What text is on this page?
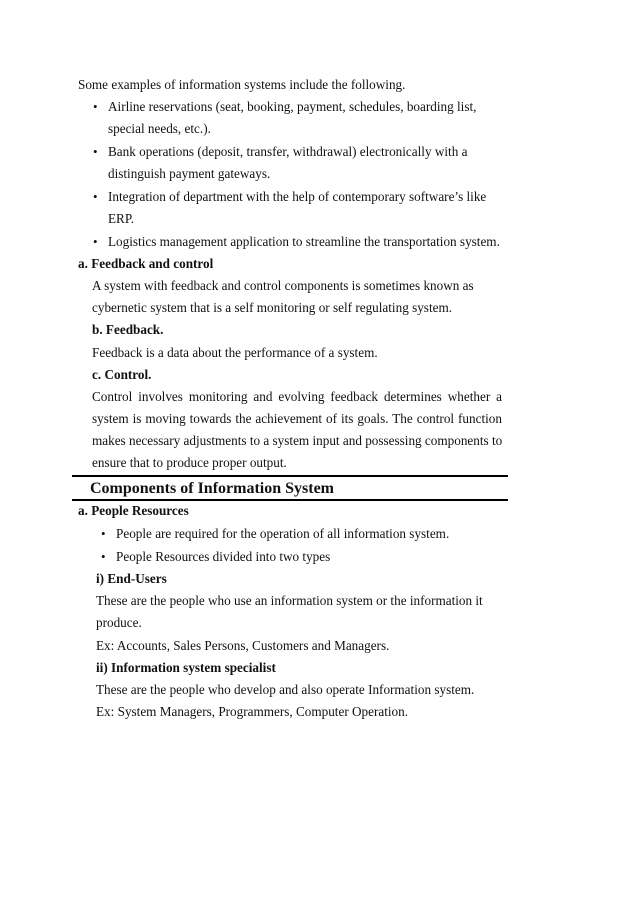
Some examples of information systems include the following.
• Airline reservations (seat, booking, payment, schedules, boarding list,
special needs, etc.).
• Bank operations (deposit, transfer, withdrawal) electronically with a
distinguish payment gateways.
• Integration of department with the help of contemporary software’s like
ERP.
• Logistics management application to streamline the transportation system.
a. Feedback and control
A system with feedback and control components is sometimes known as
cybernetic system that is a self monitoring or self regulating system.
b. Feedback.
Feedback is a data about the performance of a system.
c. Control.
Control involves monitoring and evolving feedback determines whether a
system is moving towards the achievement of its goals. The control function
makes necessary adjustments to a system input and possessing components to
ensure that to produce proper output.
Components of Information System
a. People Resources
• People are required for the operation of all information system.
• People Resources divided into two types
i) End-Users
These are the people who use an information system or the information it
produce.
Ex: Accounts, Sales Persons, Customers and Managers.
ii) Information system specialist
These are the people who develop and also operate Information system.
Ex: System Managers, Programmers, Computer Operation.
